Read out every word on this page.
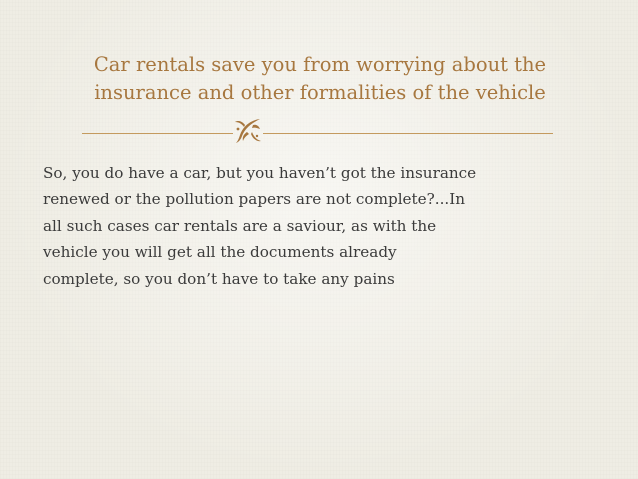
Car rentals save you from worrying about the
insurance and other formalities of the vehicle
So, you do have a car, but you haven’t got the insurance
renewed or the pollution papers are not complete?...In
all such cases car rentals are a saviour, as with the
vehicle you will get all the documents already
complete, so you don’t have to take any pains
